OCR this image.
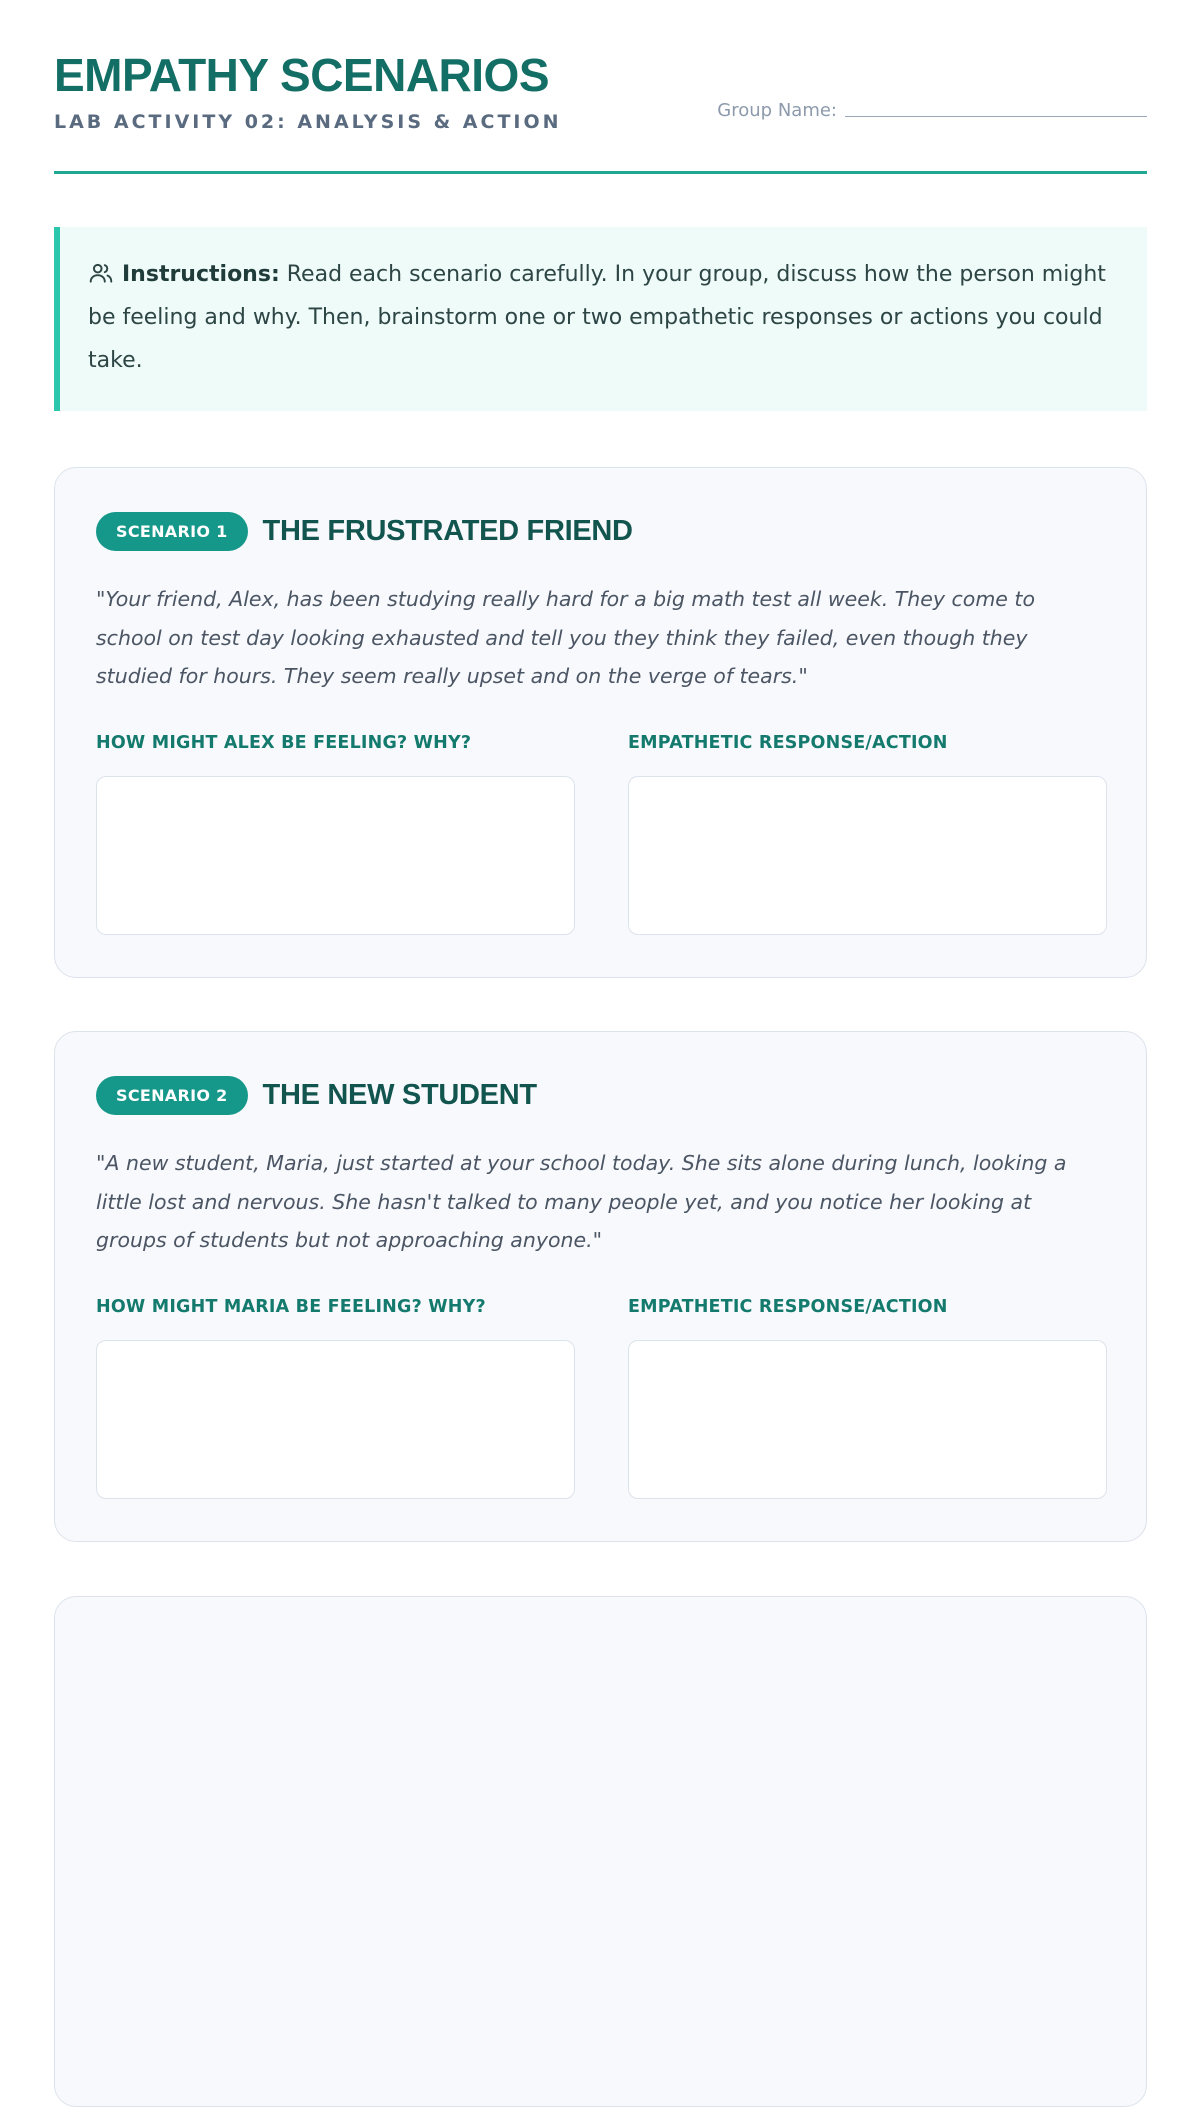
EMPATHY SCENARIOS
LAB ACTIVITY 02: ANALYSIS & ACTION
Group Name:
Instructions: Read each scenario carefully. In your group, discuss how the person might be feeling and why. Then, brainstorm one or two empathetic responses or actions you could take.
SCENARIO 1	THE FRUSTRATED FRIEND

"Your friend, Alex, has been studying really hard for a big math test all week. They come to school on test day looking exhausted and tell you they think they failed, even though they studied for hours. They seem really upset and on the verge of tears."

HOW MIGHT ALEX BE FEELING? WHY?	EMPATHETIC RESPONSE/ACTION
SCENARIO 2	THE NEW STUDENT

"A new student, Maria, just started at your school today. She sits alone during lunch, looking a little lost and nervous. She hasn't talked to many people yet, and you notice her looking at groups of students but not approaching anyone."

HOW MIGHT MARIA BE FEELING? WHY?	EMPATHETIC RESPONSE/ACTION
